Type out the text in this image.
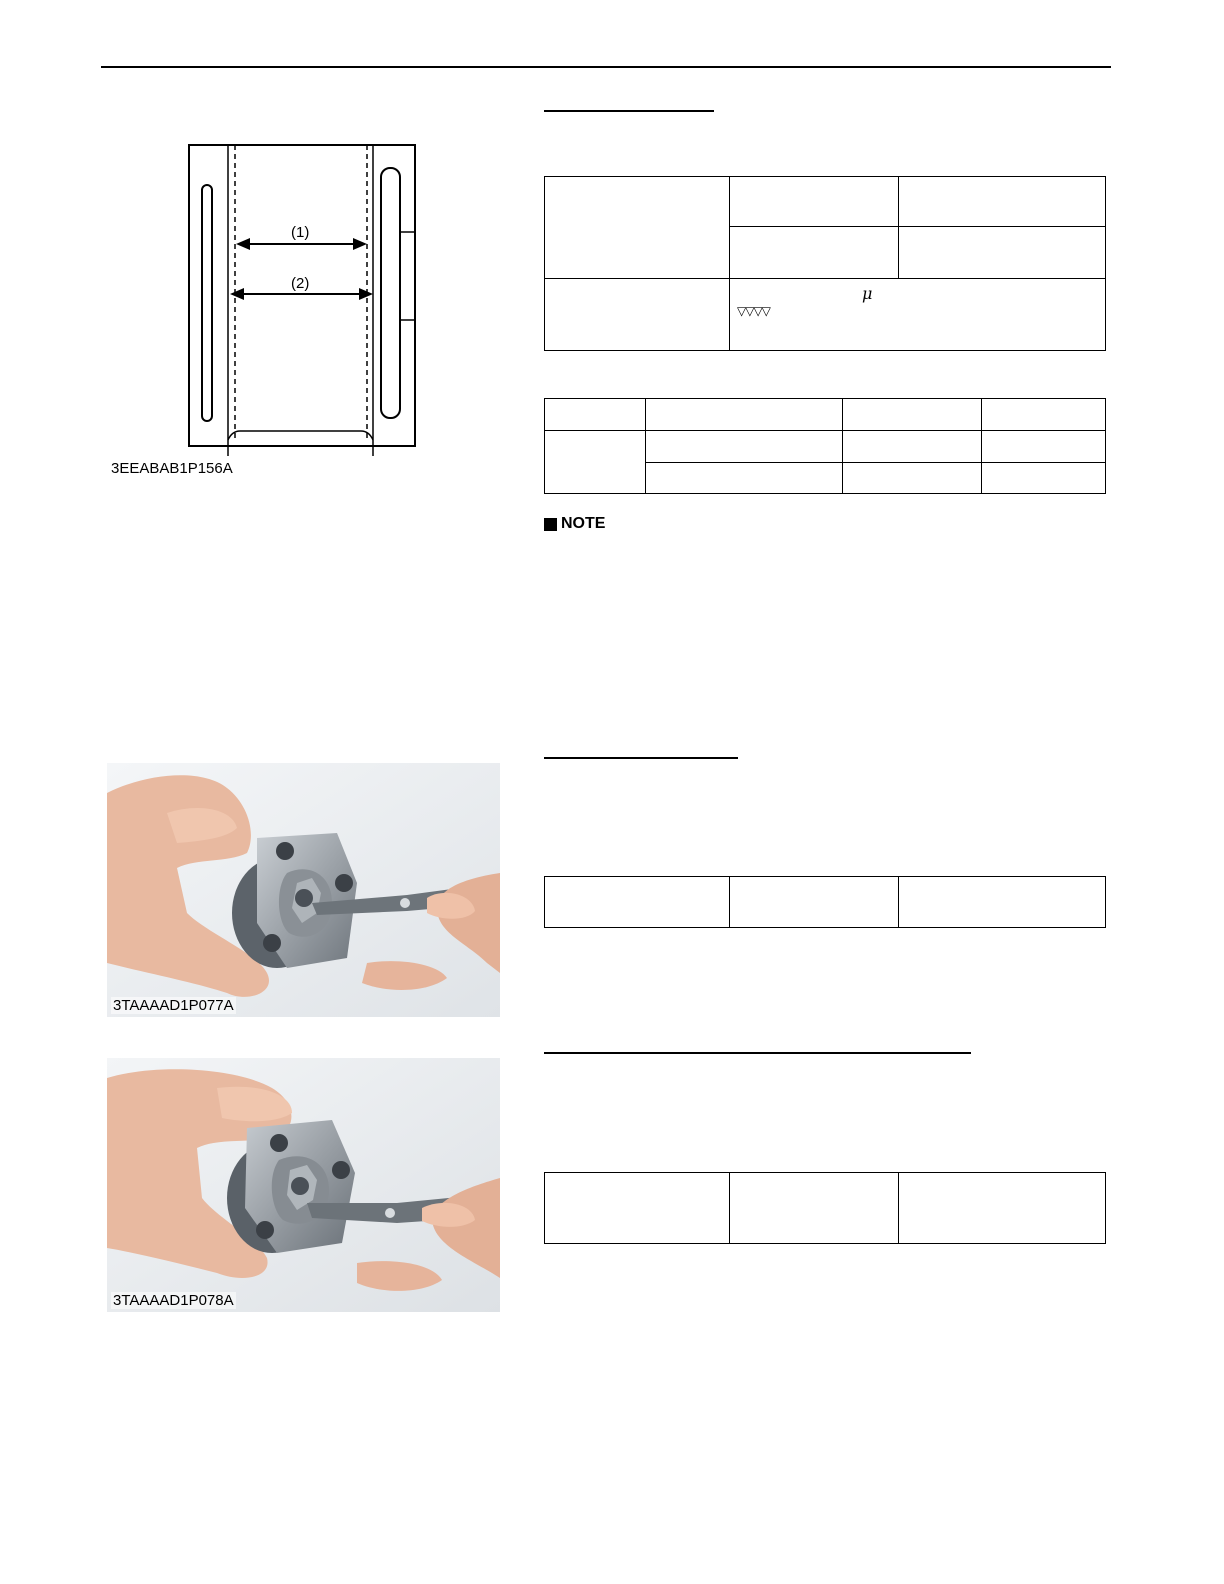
(1)
(2)
3EEABAB1P156A
μ
▽▽▽▽
NOTE
3TAAAAD1P077A
3TAAAAD1P078A
